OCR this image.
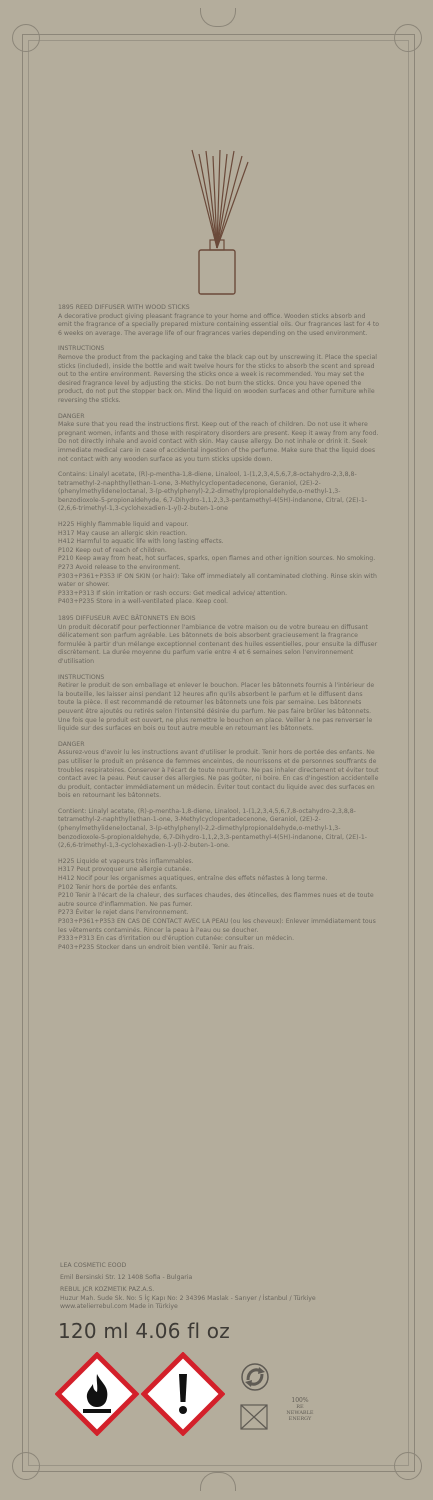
1895 REED DIFFUSER WITH WOOD STICKS

A decorative product giving pleasant fragrance to your home and office. Wooden sticks absorb and emit the fragrance of a specially prepared mixture containing essential oils. Our fragrances last for 4 to 6 weeks on average. The average life of our fragrances varies depending on the used environment.

INSTRUCTIONS

Remove the product from the packaging and take the black cap out by unscrewing it. Place the special sticks (included), inside the bottle and wait twelve hours for the sticks to absorb the scent and spread out to the entire environment. Reversing the sticks once a week is recommended. You may set the desired fragrance level by adjusting the sticks. Do not burn the sticks. Once you have opened the product, do not put the stopper back on. Mind the liquid on wooden surfaces and other furniture while reversing the sticks.

DANGER

Make sure that you read the instructions first. Keep out of the reach of children. Do not use it where pregnant women, infants and those with respiratory disorders are present. Keep it away from any food. Do not directly inhale and avoid contact with skin. May cause allergy. Do not inhale or drink it. Seek immediate medical care in case of accidental ingestion of the perfume. Make sure that the liquid does not contact with any wooden surface as you turn sticks upside down.

Contains: Linalyl acetate, (R)-p-mentha-1,8-diene, Linalool, 1-(1,2,3,4,5,6,7,8-octahydro-2,3,8,8-tetramethyl-2-naphthyl)ethan-1-one, 3-Methylcyclopentadecenone, Geraniol, (2E)-2-(phenylmethylidene)octanal, 3-(p-ethylphenyl)-2,2-dimethylpropionaldehyde,o-methyl-1,3-benzodioxole-5-propionaldehyde, 6,7-Dihydro-1,1,2,3,3-pentamethyl-4(5H)-indanone, Citral, (2E)-1-(2,6,6-trimethyl-1,3-cyclohexadien-1-yl)-2-buten-1-one

H225 Highly flammable liquid and vapour.
H317 May cause an allergic skin reaction.
H412 Harmful to aquatic life with long lasting effects.
P102 Keep out of reach of children.
P210 Keep away from heat, hot surfaces, sparks, open flames and other ignition sources. No smoking.
P273 Avoid release to the environment.
P303+P361+P353 IF ON SKIN (or hair): Take off immediately all contaminated clothing. Rinse skin with water or shower.
P333+P313 If skin irritation or rash occurs: Get medical advice/ attention.
P403+P235 Store in a well-ventilated place. Keep cool.

1895 DIFFUSEUR AVEC BÂTONNETS EN BOIS

Un produit décoratif pour perfectionner l'ambiance de votre maison ou de votre bureau en diffusant délicatement son parfum agréable. Les bâtonnets de bois absorbent gracieusement la fragrance formulée à partir d'un mélange exceptionnel contenant des huiles essentielles, pour ensuite la diffuser discrètement. La durée moyenne du parfum varie entre 4 et 6 semaines selon l'environnement d'utilisation

INSTRUCTIONS

Retirer le produit de son emballage et enlever le bouchon. Placer les bâtonnets fournis à l'intérieur de la bouteille, les laisser ainsi pendant 12 heures afin qu'ils absorbent le parfum et le diffusent dans toute la pièce. Il est recommandé de retourner les bâtonnets une fois par semaine. Les bâtonnets peuvent être ajoutés ou retirés selon l'intensité désirée du parfum. Ne pas faire brûler les bâtonnets. Une fois que le produit est ouvert, ne plus remettre le bouchon en place. Veiller à ne pas renverser le liquide sur des surfaces en bois ou tout autre meuble en retournant les bâtonnets.

DANGER

Assurez-vous d'avoir lu les instructions avant d'utiliser le produit. Tenir hors de portée des enfants. Ne pas utiliser le produit en présence de femmes enceintes, de nourrissons et de personnes souffrants de troubles respiratoires. Conserver à l'écart de toute nourriture. Ne pas inhaler directement et éviter tout contact avec la peau. Peut causer des allergies. Ne pas goûter, ni boire. En cas d'ingestion accidentelle du produit, contacter immédiatement un médecin. Éviter tout contact du liquide avec des surfaces en bois en retournant les bâtonnets.

Contient: Linalyl acetate, (R)-p-mentha-1,8-diene, Linalool, 1-(1,2,3,4,5,6,7,8-octahydro-2,3,8,8- tetramethyl-2-naphthyl)ethan-1-one, 3-Methylcyclopentadecenone, Geraniol, (2E)-2-(phenylmethylidene)octanal, 3-(p-ethylphenyl)-2,2-dimethylpropionaldehyde,o-methyl-1,3-benzodioxole-5-propionaldehyde, 6,7-Dihydro-1,1,2,3,3-pentamethyl-4(5H)-indanone, Citral, (2E)-1-(2,6,6-trimethyl-1,3-cyclohexadien-1-yl)-2-buten-1-one.

H225 Liquide et vapeurs très inflammables.
H317 Peut provoquer une allergie cutanée.
H412 Nocif pour les organismes aquatiques, entraîne des effets néfastes à long terme.
P102 Tenir hors de portée des enfants.
P210 Tenir à l'écart de la chaleur, des surfaces chaudes, des étincelles, des flammes nues et de toute autre source d'inflammation. Ne pas fumer.
P273 Éviter le rejet dans l'environnement.
P303+P361+P353 EN CAS DE CONTACT AVEC LA PEAU (ou les cheveux): Enlever immédiatement tous les vêtements contaminés. Rincer la peau à l'eau ou se doucher.
P333+P313 En cas d'irritation ou d'éruption cutanée: consulter un médecin.
P403+P235 Stocker dans un endroit bien ventilé. Tenir au frais.
LEA COSMETIC EOOD
Emil Bersinski Str. 12 1408 Sofia - Bulgaria
REBUL JCR KOZMETIK PAZ.A.S.
Huzur Mah. Sude Sk. No: 5 İç Kapı No: 2 34396 Maslak - Sarıyer / İstanbul / Türkiye
www.atelierrebul.com Made in Türkiye
120 ml 4.06 fl oz
100%
RE
NEWABLE
ENERGY
